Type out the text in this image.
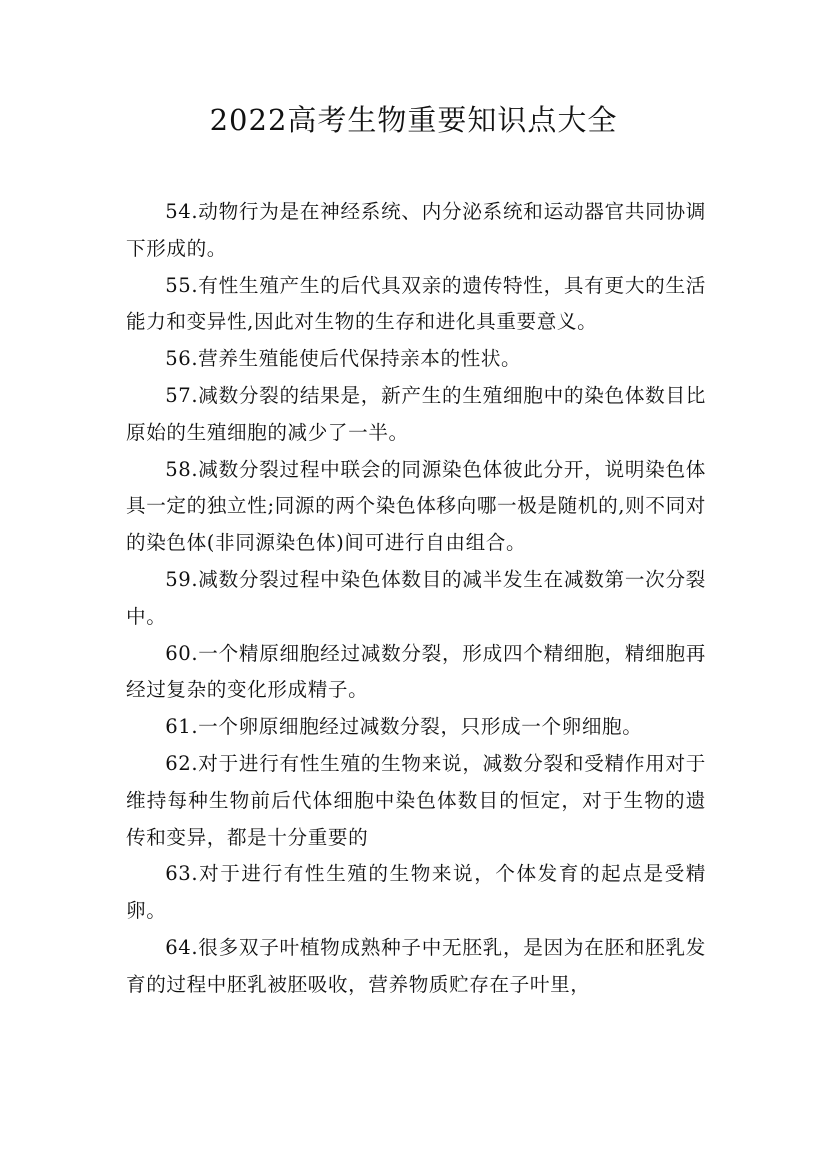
2022高考生物重要知识点大全

54.动物行为是在神经系统、内分泌系统和运动器官共同协调下形成的。

55.有性生殖产生的后代具双亲的遗传特性，具有更大的生活能力和变异性,因此对生物的生存和进化具重要意义。

56.营养生殖能使后代保持亲本的性状。

57.减数分裂的结果是，新产生的生殖细胞中的染色体数目比原始的生殖细胞的减少了一半。

58.减数分裂过程中联会的同源染色体彼此分开，说明染色体具一定的独立性;同源的两个染色体移向哪一极是随机的,则不同对的染色体(非同源染色体)间可进行自由组合。

59.减数分裂过程中染色体数目的减半发生在减数第一次分裂中。

60.一个精原细胞经过减数分裂，形成四个精细胞，精细胞再经过复杂的变化形成精子。

61.一个卵原细胞经过减数分裂，只形成一个卵细胞。

62.对于进行有性生殖的生物来说，减数分裂和受精作用对于维持每种生物前后代体细胞中染色体数目的恒定，对于生物的遗传和变异，都是十分重要的

63.对于进行有性生殖的生物来说，个体发育的起点是受精卵。

64.很多双子叶植物成熟种子中无胚乳，是因为在胚和胚乳发育的过程中胚乳被胚吸收，营养物质贮存在子叶里，
